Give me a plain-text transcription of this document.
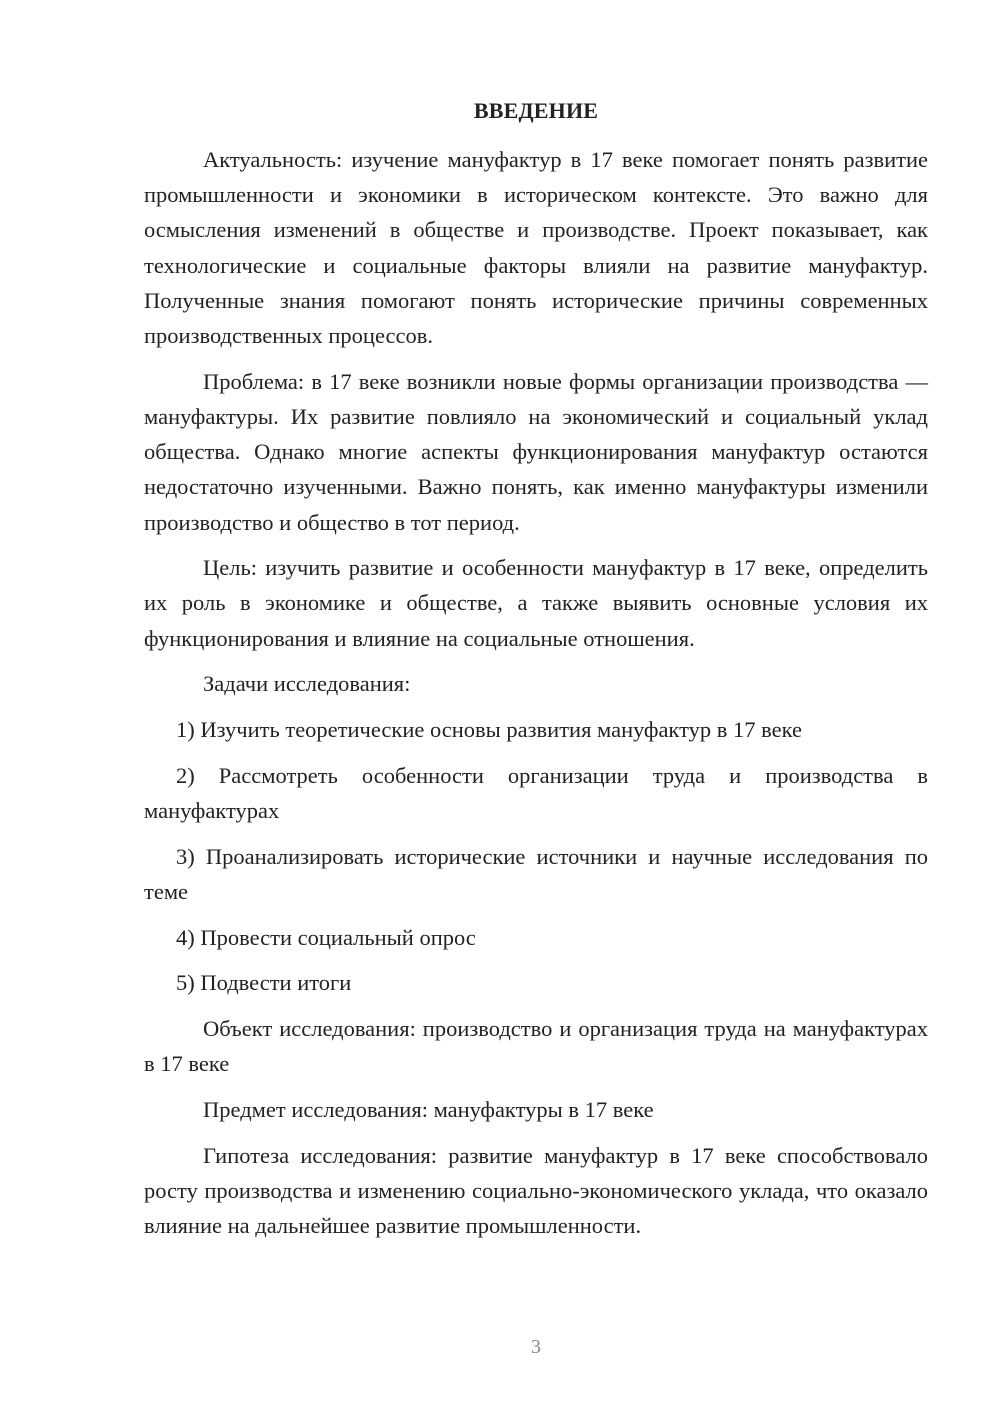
ВВЕДЕНИЕ

Актуальность: изучение мануфактур в 17 веке помогает понять развитие промышленности и экономики в историческом контексте. Это важно для осмысления изменений в обществе и производстве. Проект показывает, как технологические и социальные факторы влияли на развитие мануфактур. Полученные знания помогают понять исторические причины современных производственных процессов.

Проблема: в 17 веке возникли новые формы организации производства — мануфактуры. Их развитие повлияло на экономический и социальный уклад общества. Однако многие аспекты функционирования мануфактур остаются недостаточно изученными. Важно понять, как именно мануфактуры изменили производство и общество в тот период.

Цель: изучить развитие и особенности мануфактур в 17 веке, определить их роль в экономике и обществе, а также выявить основные условия их функционирования и влияние на социальные отношения.

Задачи исследования:

1) Изучить теоретические основы развития мануфактур в 17 веке

2) Рассмотреть особенности организации труда и производства в мануфактурах

3) Проанализировать исторические источники и научные исследования по теме

4) Провести социальный опрос

5) Подвести итоги

Объект исследования: производство и организация труда на мануфактурах в 17 веке

Предмет исследования: мануфактуры в 17 веке

Гипотеза исследования: развитие мануфактур в 17 веке способствовало росту производства и изменению социально-экономического уклада, что оказало влияние на дальнейшее развитие промышленности.

3
